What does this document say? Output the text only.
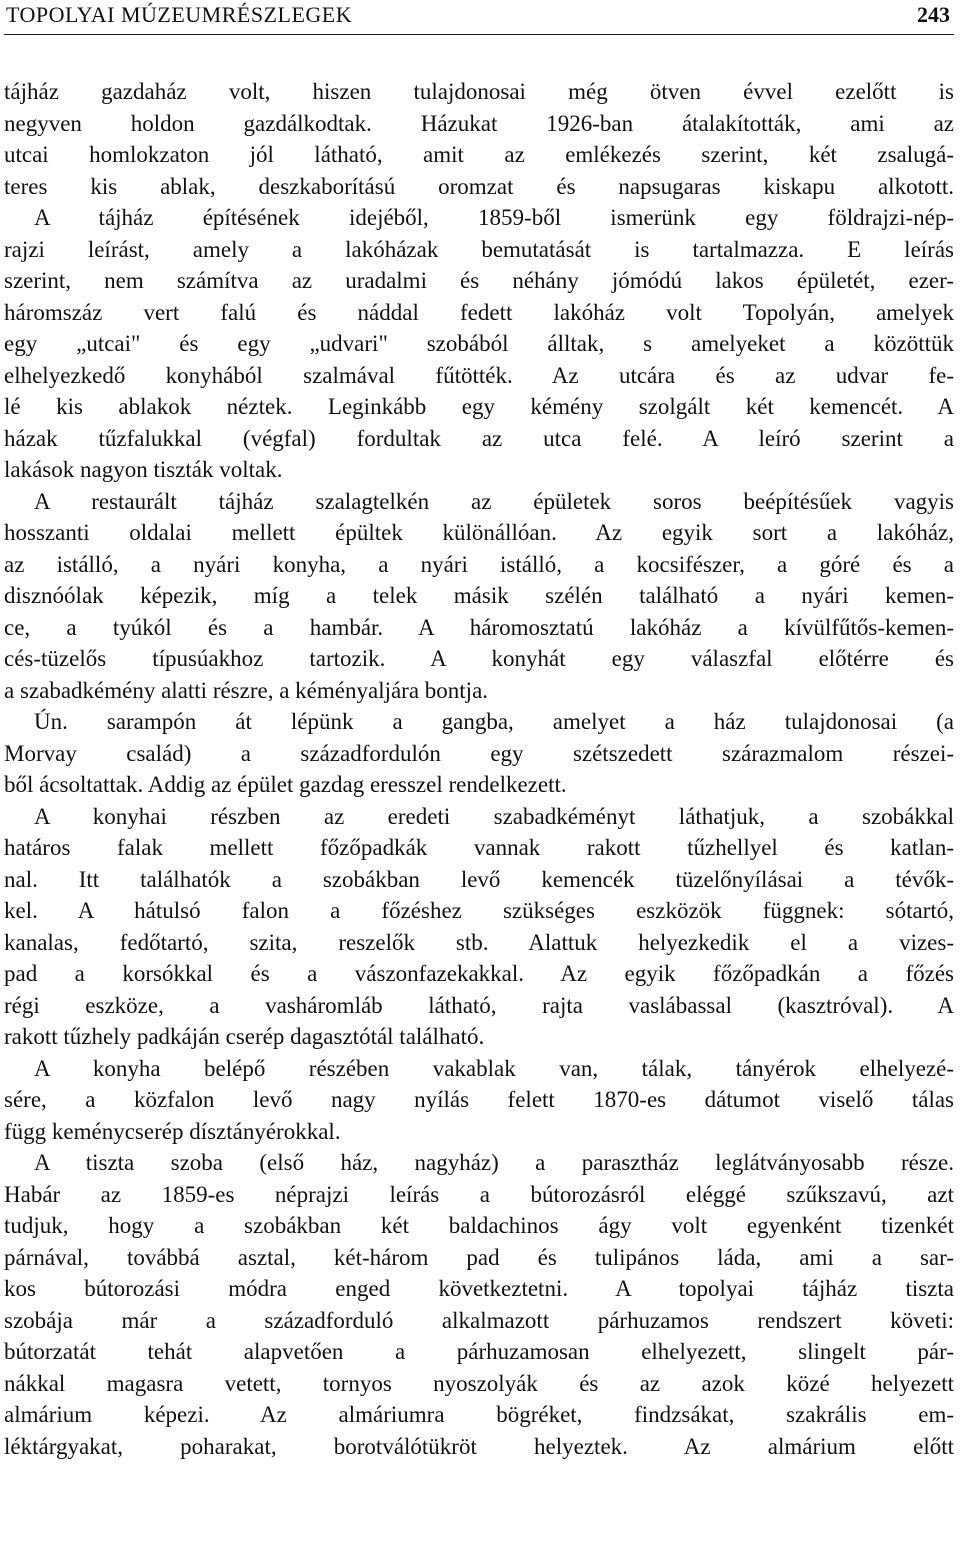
TOPOLYAI MÚZEUMRÉSZLEGEK	243
tájház gazdaház volt, hiszen tulajdonosai még ötven évvel ezelőtt is
negyven holdon gazdálkodtak. Házukat 1926-ban átalakították, ami az
utcai homlokzaton jól látható, amit az emlékezés szerint, két zsalugá-
teres kis ablak, deszkaborítású oromzat és napsugaras kiskapu alkotott.
A tájház építésének idejéből, 1859-ből ismerünk egy földrajzi-nép-
rajzi leírást, amely a lakóházak bemutatását is tartalmazza. E leírás
szerint, nem számítva az uradalmi és néhány jómódú lakos épületét, ezer-
háromszáz vert falú és náddal fedett lakóház volt Topolyán, amelyek
egy „utcai" és egy „udvari" szobából álltak, s amelyeket a közöttük
elhelyezkedő konyhából szalmával fűtötték. Az utcára és az udvar fe-
lé kis ablakok néztek. Leginkább egy kémény szolgált két kemencét. A
házak tűzfalukkal (végfal) fordultak az utca felé. A leíró szerint a
lakások nagyon tiszták voltak.
A restaurált tájház szalagtelkén az épületek soros beépítésűek vagyis
hosszanti oldalai mellett épültek különállóan. Az egyik sort a lakóház,
az istálló, a nyári konyha, a nyári istálló, a kocsifészer, a góré és a
disznóólak képezik, míg a telek másik szélén található a nyári kemen-
ce, a tyúkól és a hambár. A háromosztatú lakóház a kívülfűtős-kemen-
cés-tüzelős típusúakhoz tartozik. A konyhát egy válaszfal előtérre és
a szabadkémény alatti részre, a kéményaljára bontja.
Ún. sarampón át lépünk a gangba, amelyet a ház tulajdonosai (a
Morvay család) a századfordulón egy szétszedett szárazmalom részei-
ből ácsoltattak. Addig az épület gazdag eresszel rendelkezett.
A konyhai részben az eredeti szabadkéményt láthatjuk, a szobákkal
határos falak mellett főzőpadkák vannak rakott tűzhellyel és katlan-
nal. Itt találhatók a szobákban levő kemencék tüzelőnyílásai a tévők-
kel. A hátulsó falon a főzéshez szükséges eszközök függnek: sótartó,
kanalas, fedőtartó, szita, reszelők stb. Alattuk helyezkedik el a vizes-
pad a korsókkal és a vászonfazekakkal. Az egyik főzőpadkán a főzés
régi eszköze, a vasháromláb látható, rajta vaslábassal (kasztróval). A
rakott tűzhely padkáján cserép dagasztótál található.
A konyha belépő részében vakablak van, tálak, tányérok elhelyezé-
sére, a közfalon levő nagy nyílás felett 1870-es dátumot viselő tálas
függ keménycserép dísztányérokkal.
A tiszta szoba (első ház, nagyház) a parasztház leglátványosabb része.
Habár az 1859-es néprajzi leírás a bútorozásról eléggé szűkszavú, azt
tudjuk, hogy a szobákban két baldachinos ágy volt egyenként tizenkét
párnával, továbbá asztal, két-három pad és tulipános láda, ami a sar-
kos bútorozási módra enged következtetni. A topolyai tájház tiszta
szobája már a századforduló alkalmazott párhuzamos rendszert követi:
bútorzatát tehát alapvetően a párhuzamosan elhelyezett, slingelt pár-
nákkal magasra vetett, tornyos nyoszolyák és az azok közé helyezett
almárium képezi. Az almáriumra bögréket, findzsákat, szakrális em-
léktárgyakat, poharakat, borotválótükröt helyeztek. Az almárium előtt
